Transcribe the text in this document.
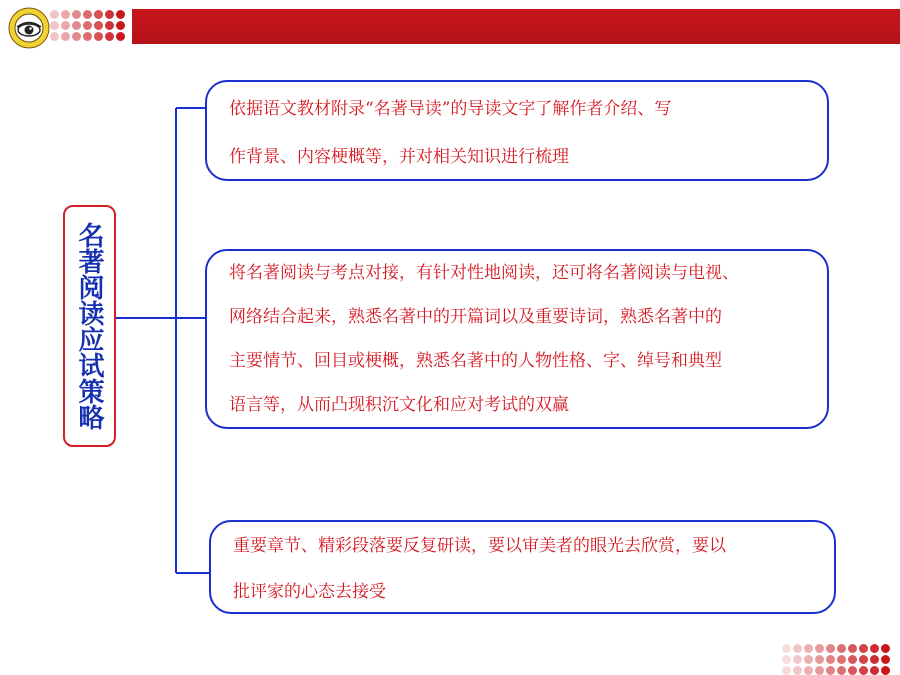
名著阅读应试策略

依据语文教材附录“名著导读”的导读文字了解作者介绍、写

作背景、内容梗概等，并对相关知识进行梳理

将名著阅读与考点对接，有针对性地阅读，还可将名著阅读与电视、

网络结合起来，熟悉名著中的开篇词以及重要诗词，熟悉名著中的

主要情节、回目或梗概，熟悉名著中的人物性格、字、绰号和典型

语言等，从而凸现积沉文化和应对考试的双赢

重要章节、精彩段落要反复研读，要以审美者的眼光去欣赏，要以

批评家的心态去接受
